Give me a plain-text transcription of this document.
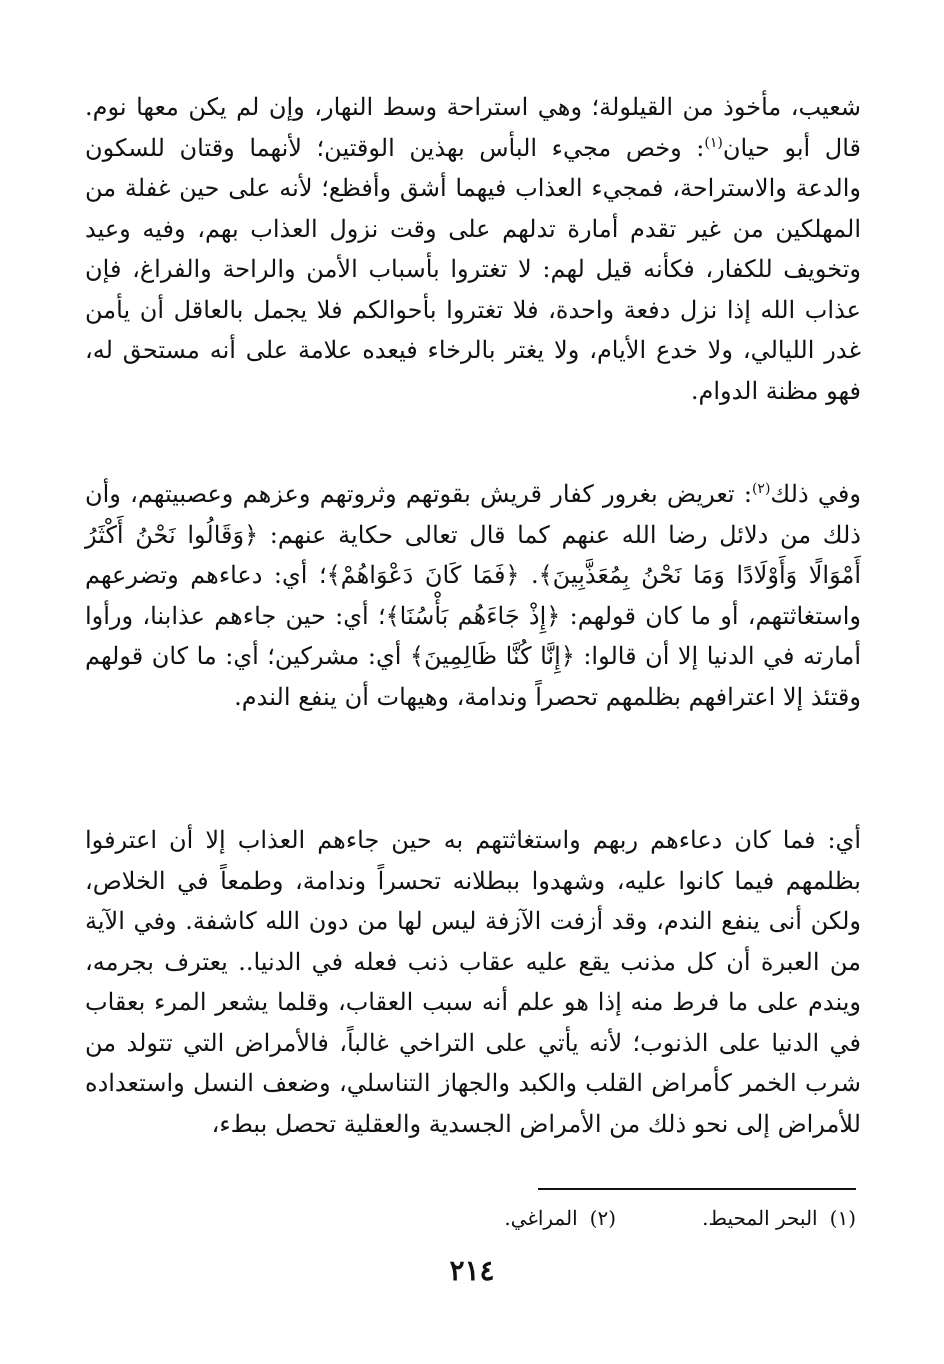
شعيب، مأخوذ من القيلولة؛ وهي استراحة وسط النهار، وإن لم يكن معها نوم. قال أبو حيان$^{(١)}$: وخص مجيء البأس بهذين الوقتين؛ لأنهما وقتان للسكون والدعة والاستراحة، فمجيء العذاب فيهما أشق وأفظع؛ لأنه على حين غفلة من المهلكين من غير تقدم أمارة تدلهم على وقت نزول العذاب بهم، وفيه وعيد وتخويف للكفار، فكأنه قيل لهم: لا تغتروا بأسباب الأمن والراحة والفراغ، فإن عذاب الله إذا نزل دفعة واحدة، فلا تغتروا بأحوالكم فلا يجمل بالعاقل أن يأمن غدر الليالي، ولا خدع الأيام، ولا يغتر بالرخاء فيعده علامة على أنه مستحق له، فهو مظنة الدوام.

وفي ذلك$^{(٢)}$: تعريض بغرور كفار قريش بقوتهم وثروتهم وعزهم وعصبيتهم، وأن ذلك من دلائل رضا الله عنهم كما قال تعالى حكاية عنهم: ﴿وَقَالُوا نَحْنُ أَكْثَرُ أَمْوَالًا وَأَوْلَادًا وَمَا نَحْنُ بِمُعَذَّبِينَ﴾. ﴿فَمَا كَانَ دَعْوَاهُمْ﴾؛ أي: دعاءهم وتضرعهم واستغاثتهم، أو ما كان قولهم: ﴿إِذْ جَاءَهُم بَأْسُنَا﴾؛ أي: حين جاءهم عذابنا، ورأوا أمارته في الدنيا إلا أن قالوا: ﴿إِنَّا كُنَّا ظَالِمِينَ﴾ أي: مشركين؛ أي: ما كان قولهم وقتئذ إلا اعترافهم بظلمهم تحصراً وندامة، وهيهات أن ينفع الندم.

أي: فما كان دعاءهم ربهم واستغاثتهم به حين جاءهم العذاب إلا أن اعترفوا بظلمهم فيما كانوا عليه، وشهدوا ببطلانه تحسراً وندامة، وطمعاً في الخلاص، ولكن أنى ينفع الندم، وقد أزفت الآزفة ليس لها من دون الله كاشفة. وفي الآية من العبرة أن كل مذنب يقع عليه عقاب ذنب فعله في الدنيا.. يعترف بجرمه، ويندم على ما فرط منه إذا هو علم أنه سبب العقاب، وقلما يشعر المرء بعقاب في الدنيا على الذنوب؛ لأنه يأتي على التراخي غالباً، فالأمراض التي تتولد من شرب الخمر كأمراض القلب والكبد والجهاز التناسلي، وضعف النسل واستعداده للأمراض إلى نحو ذلك من الأمراض الجسدية والعقلية تحصل ببطء،

(١)البحر المحيط.
(٢)المراغي.
٢١٤
